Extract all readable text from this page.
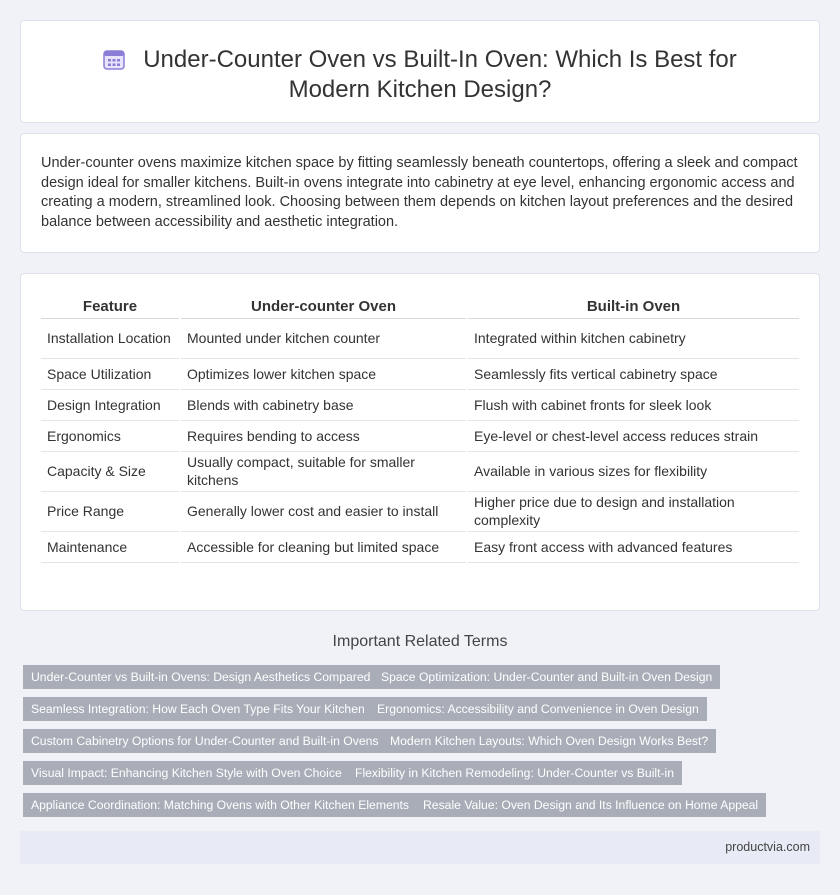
Under-Counter Oven vs Built-In Oven: Which Is Best for Modern Kitchen Design?

Under-counter ovens maximize kitchen space by fitting seamlessly beneath countertops, offering a sleek and compact design ideal for smaller kitchens. Built-in ovens integrate into cabinetry at eye level, enhancing ergonomic access and creating a modern, streamlined look. Choosing between them depends on kitchen layout preferences and the desired balance between accessibility and aesthetic integration.

Feature	Under-counter Oven	Built-in Oven
Installation Location	Mounted under kitchen counter	Integrated within kitchen cabinetry
Space Utilization	Optimizes lower kitchen space	Seamlessly fits vertical cabinetry space
Design Integration	Blends with cabinetry base	Flush with cabinet fronts for sleek look
Ergonomics	Requires bending to access	Eye-level or chest-level access reduces strain
Capacity & Size	Usually compact, suitable for smaller kitchens	Available in various sizes for flexibility
Price Range	Generally lower cost and easier to install	Higher price due to design and installation complexity
Maintenance	Accessible for cleaning but limited space	Easy front access with advanced features
Important Related Terms
Under-Counter vs Built-in Ovens: Design Aesthetics Compared Space Optimization: Under-Counter and Built-in Oven Design
Seamless Integration: How Each Oven Type Fits Your Kitchen	Ergonomics: Accessibility and Convenience in Oven Design
Custom Cabinetry Options for Under-Counter and Built-in Ovens Modern Kitchen Layouts: Which Oven Design Works Best?
Visual Impact: Enhancing Kitchen Style with Oven Choice	Flexibility in Kitchen Remodeling: Under-Counter vs Built-in
Appliance Coordination: Matching Ovens with Other Kitchen Elements	Resale Value: Oven Design and Its Influence on Home Appeal
productvia.com
